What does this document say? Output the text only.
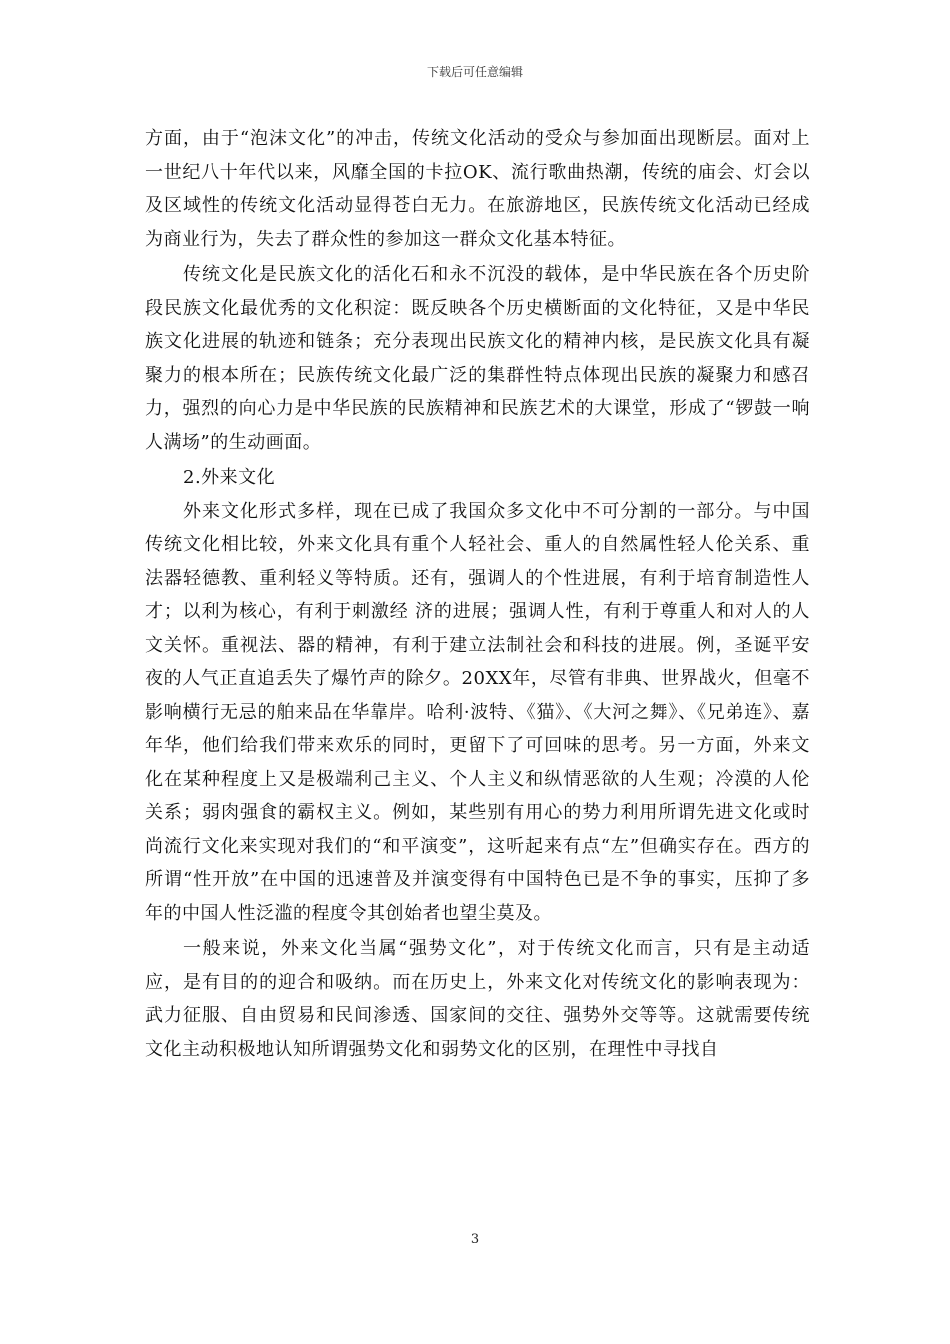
下载后可任意编辑

方面，由于“泡沫文化”的冲击，传统文化活动的受众与参加面出现断层。面对上一世纪八十年代以来，风靡全国的卡拉OK、流行歌曲热潮，传统的庙会、灯会以及区域性的传统文化活动显得苍白无力。在旅游地区，民族传统文化活动已经成为商业行为，失去了群众性的参加这一群众文化基本特征。

传统文化是民族文化的活化石和永不沉没的载体，是中华民族在各个历史阶段民族文化最优秀的文化积淀：既反映各个历史横断面的文化特征，又是中华民族文化进展的轨迹和链条；充分表现出民族文化的精神内核，是民族文化具有凝聚力的根本所在；民族传统文化最广泛的集群性特点体现出民族的凝聚力和感召力，强烈的向心力是中华民族的民族精神和民族艺术的大课堂，形成了“锣鼓一响人满场”的生动画面。

2.外来文化

外来文化形式多样，现在已成了我国众多文化中不可分割的一部分。与中国传统文化相比较，外来文化具有重个人轻社会、重人的自然属性轻人伦关系、重 法器轻德教、重利轻义等特质。还有，强调人的个性进展，有利于培育制造性人才；以利为核心，有利于刺激经 济的进展；强调人性，有利于尊重人和对人的人文关怀。重视法、器的精神，有利于建立法制社会和科技的进展。例，圣诞平安夜的人气正直追丢失了爆竹声的除夕。20XX年，尽管有非典、世界战火，但毫不影响横行无忌的舶来品在华靠岸。哈利·波特、《猫》、《大河之舞》、《兄弟连》、嘉年华，他们给我们带来欢乐的同时，更留下了可回味的思考。另一方面，外来文化在某种程度上又是极端利己主义、个人主义和纵情恶欲的人生观；冷漠的人伦关系；弱肉强食的霸权主义。例如，某些别有用心的势力利用所谓先进文化或时尚流行文化来实现对我们的“和平演变”，这听起来有点“左”但确实存在。西方的所谓“性开放”在中国的迅速普及并演变得有中国特色已是不争的事实，压抑了多年的中国人性泛滥的程度令其创始者也望尘莫及。

一般来说，外来文化当属“强势文化”，对于传统文化而言，只有是主动适应，是有目的的迎合和吸纳。而在历史上，外来文化对传统文化的影响表现为：武力征服、自由贸易和民间渗透、国家间的交往、强势外交等等。这就需要传统文化主动积极地认知所谓强势文化和弱势文化的区别，在理性中寻找自

3
